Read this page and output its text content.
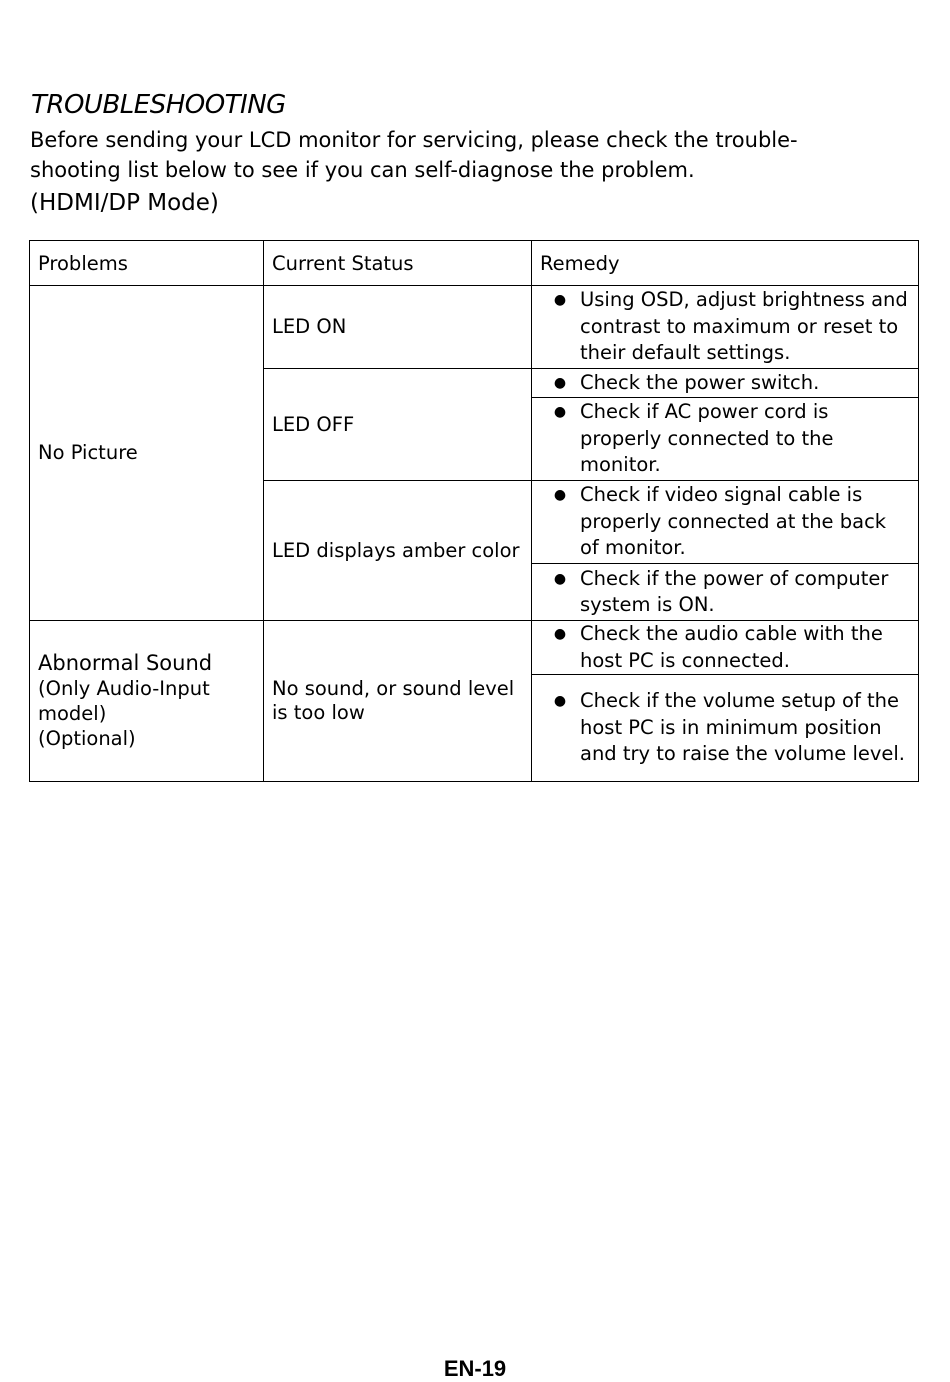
TROUBLESHOOTING

Before sending your LCD monitor for servicing, please check the trouble-
shooting list below to see if you can self-diagnose the problem.

(HDMI/DP Mode)

Problems	Current Status	Remedy

No Picture	LED ON	● Using OSD, adjust brightness and contrast to maximum or reset to their default settings.

	LED OFF	● Check the power switch.

		● Check if AC power cord is properly connected to the monitor.

	LED displays amber color	● Check if video signal cable is properly connected at the back of monitor.

		● Check if the power of computer system is ON.

Abnormal Sound
(Only Audio-Input model)
(Optional)	No sound, or sound level is too low	● Check the audio cable with the host PC is connected.

		● Check if the volume setup of the host PC is in minimum position and try to raise the volume level.

EN-19
